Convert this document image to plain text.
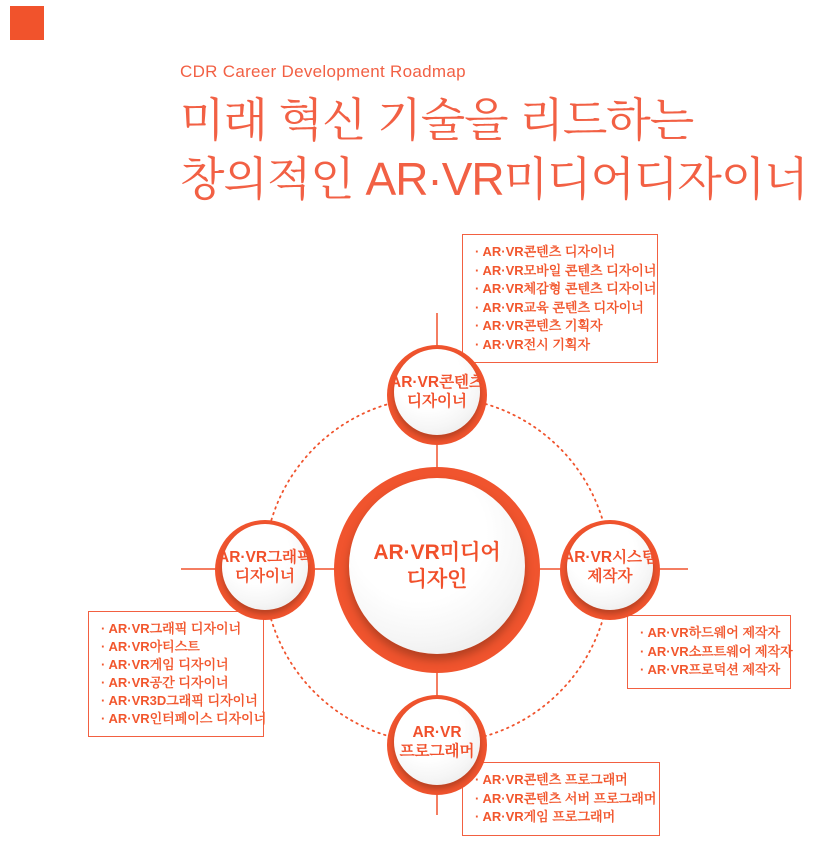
CDR Career Development Roadmap
미래 혁신 기술을 리드하는
창의적인 AR·VR미디어디자이너
· AR·VR콘텐츠 디자이너
· AR·VR모바일 콘텐츠 디자이너
· AR·VR체감형 콘텐츠 디자이너
· AR·VR교육 콘텐츠 디자이너
· AR·VR콘텐츠 기획자
· AR·VR전시 기획자
· AR·VR그래픽 디자이너
· AR·VR아티스트
· AR·VR게임 디자이너
· AR·VR공간 디자이너
· AR·VR3D그래픽 디자이너
· AR·VR인터페이스 디자이너
· AR·VR하드웨어 제작자
· AR·VR소프트웨어 제작자
· AR·VR프로덕션 제작자
· AR·VR콘텐츠 프로그래머
· AR·VR콘텐츠 서버 프로그래머
· AR·VR게임 프로그래머
AR·VR콘텐츠
디자이너
AR·VR그래픽
디자이너
AR·VR시스템
제작자
AR·VR
프로그래머
AR·VR미디어
디자인
